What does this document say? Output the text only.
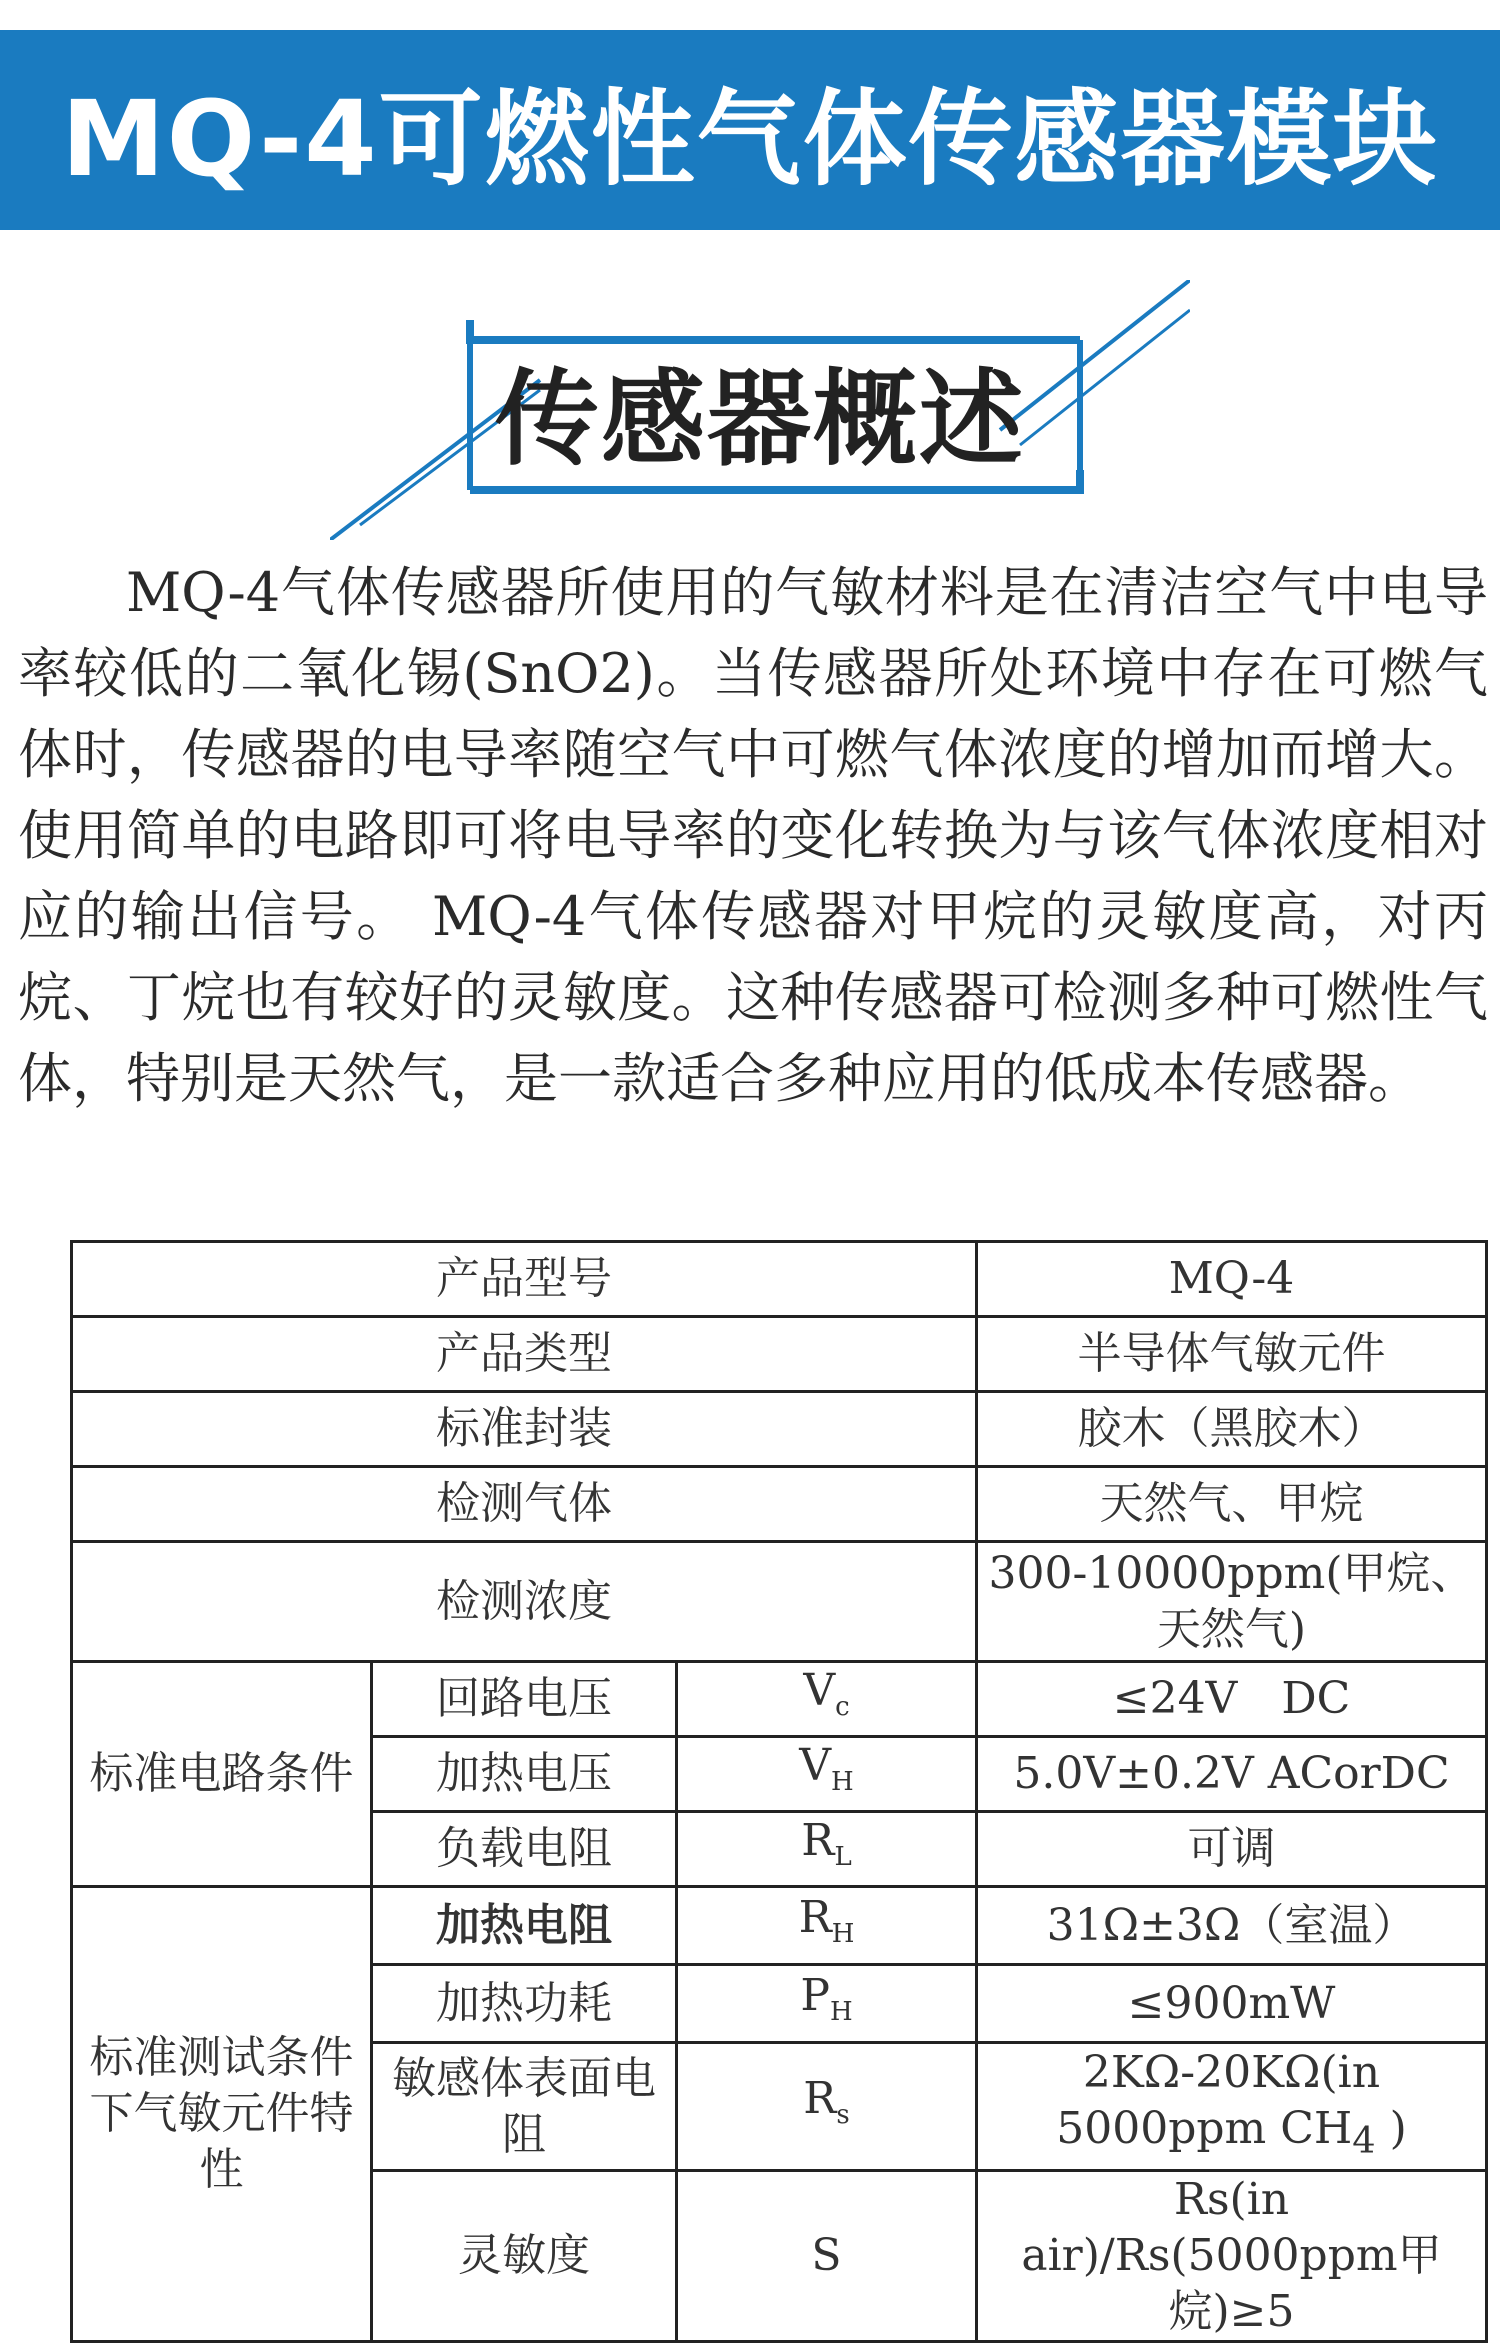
MQ-4可燃性气体传感器模块
传感器概述
MQ-4气体传感器所使用的气敏材料是在清洁空气中电导率较低的二氧化锡(SnO2)。当传感器所处环境中存在可燃气体时，传感器的电导率随空气中可燃气体浓度的增加而增大。使用简单的电路即可将电导率的变化转换为与该气体浓度相对应的输出信号。 MQ-4气体传感器对甲烷的灵敏度高，对丙烷、丁烷也有较好的灵敏度。这种传感器可检测多种可燃性气体，特别是天然气，是一款适合多种应用的低成本传感器。
产品型号			MQ-4
产品类型			半导体气敏元件
标准封装			胶木（黑胶木）
检测气体			天然气、甲烷
检测浓度			300-10000ppm(甲烷、天然气)
标准电路条件	回路电压	$V_c$	≤24V　DC
	加热电压	$V_H$	5.0V±0.2V ACorDC
	负载电阻	$R_L$	可调
标准测试条件下气敏元件特性	加热电阻	$R_H$	31Ω±3Ω（室温）
	加热功耗	$P_H$	≤900mW
	敏感体表面电阻	$R_s$	2KΩ-20KΩ(in 5000ppm $CH_4$ )
	灵敏度	S	Rs(in air)/Rs(5000ppm甲烷)≥5
